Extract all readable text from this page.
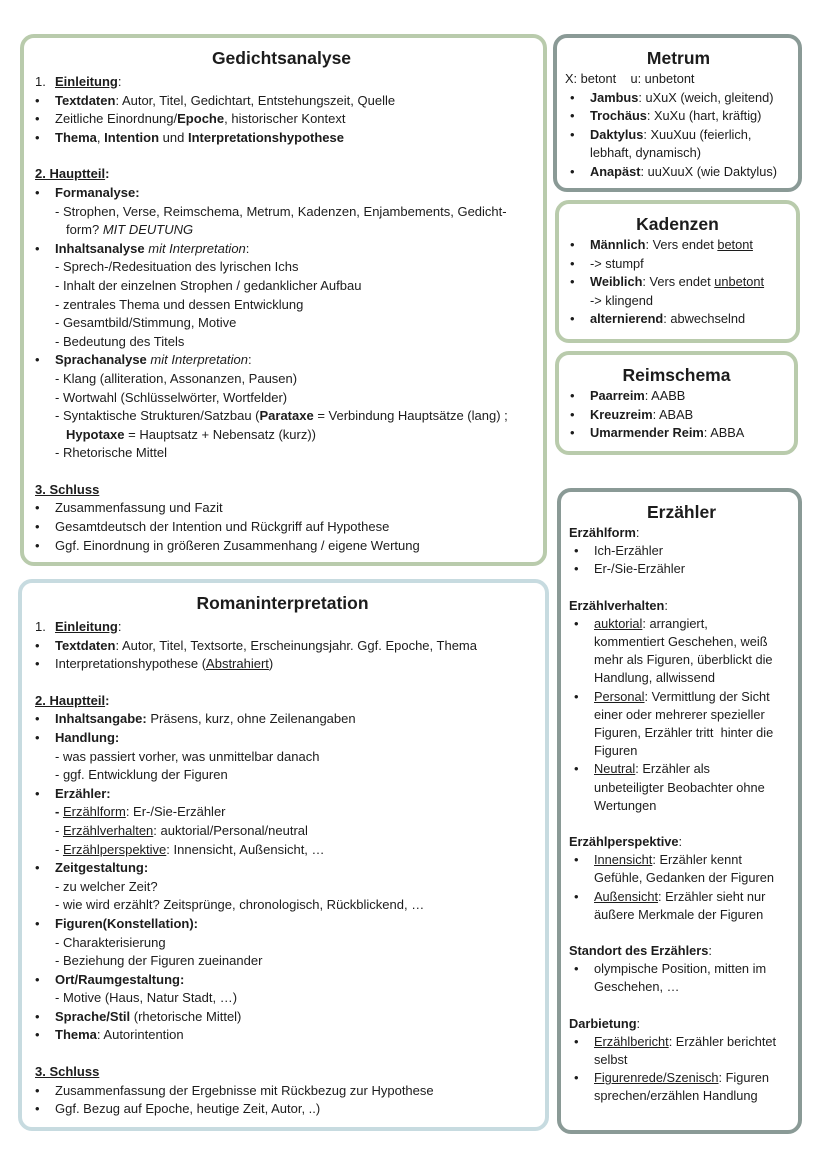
Gedichtsanalyse
1. Einleitung:
• Textdaten: Autor, Titel, Gedichtart, Entstehungszeit, Quelle
• Zeitliche Einordnung/Epoche, historischer Kontext
• Thema, Intention und Interpretationshypothese
2. Hauptteil:
• Formanalyse:
- Strophen, Verse, Reimschema, Metrum, Kadenzen, Enjambements, Gedicht-
form? MIT DEUTUNG
• Inhaltsanalyse mit Interpretation:
- Sprech-/Redesituation des lyrischen Ichs
- Inhalt der einzelnen Strophen / gedanklicher Aufbau
- zentrales Thema und dessen Entwicklung
- Gesamtbild/Stimmung, Motive
- Bedeutung des Titels
• Sprachanalyse mit Interpretation:
- Klang (alliteration, Assonanzen, Pausen)
- Wortwahl (Schlüsselwörter, Wortfelder)
- Syntaktische Strukturen/Satzbau (Parataxe = Verbindung Hauptsätze (lang) ;
Hypotaxe = Hauptsatz + Nebensatz (kurz))
- Rhetorische Mittel
3. Schluss
• Zusammenfassung und Fazit
• Gesamtdeutsch der Intention und Rückgriff auf Hypothese
• Ggf. Einordnung in größeren Zusammenhang / eigene Wertung
Romaninterpretation
1. Einleitung:
• Textdaten: Autor, Titel, Textsorte, Erscheinungsjahr. Ggf. Epoche, Thema
• Interpretationshypothese (Abstrahiert)
2. Hauptteil:
• Inhaltsangabe: Präsens, kurz, ohne Zeilenangaben
• Handlung:
- was passiert vorher, was unmittelbar danach
- ggf. Entwicklung der Figuren
• Erzähler:
- Erzählform: Er-/Sie-Erzähler
- Erzählverhalten: auktorial/Personal/neutral
- Erzählperspektive: Innensicht, Außensicht, …
• Zeitgestaltung:
- zu welcher Zeit?
- wie wird erzählt? Zeitsprünge, chronologisch, Rückblickend, …
• Figuren(Konstellation):
- Charakterisierung
- Beziehung der Figuren zueinander
• Ort/Raumgestaltung:
- Motive (Haus, Natur Stadt, …)
• Sprache/Stil (rhetorische Mittel)
• Thema: Autorintention
3. Schluss
• Zusammenfassung der Ergebnisse mit Rückbezug zur Hypothese
• Ggf. Bezug auf Epoche, heutige Zeit, Autor, ..)
Metrum
X: betont    u: unbetont
• Jambus: uXuX (weich, gleitend)
• Trochäus: XuXu (hart, kräftig)
• Daktylus: XuuXuu (feierlich,
lebhaft, dynamisch)
• Anapäst: uuXuuX (wie Daktylus)
Kadenzen
• Männlich: Vers endet betont
• -> stumpf
• Weiblich: Vers endet unbetont
-> klingend
• alternierend: abwechselnd
Reimschema
• Paarreim: AABB
• Kreuzreim: ABAB
• Umarmender Reim: ABBA
Erzähler
Erzählform:
• Ich-Erzähler
• Er-/Sie-Erzähler
Erzählverhalten:
• auktorial: arrangiert,
kommentiert Geschehen, weiß
mehr als Figuren, überblickt die
Handlung, allwissend
• Personal: Vermittlung der Sicht
einer oder mehrerer spezieller
Figuren, Erzähler tritt  hinter die
Figuren
• Neutral: Erzähler als
unbeteiligter Beobachter ohne
Wertungen
Erzählperspektive:
• Innensicht: Erzähler kennt
Gefühle, Gedanken der Figuren
• Außensicht: Erzähler sieht nur
äußere Merkmale der Figuren
Standort des Erzählers:
• olympische Position, mitten im
Geschehen, …
Darbietung:
• Erzählbericht: Erzähler berichtet
selbst
• Figurenrede/Szenisch: Figuren
sprechen/erzählen Handlung
